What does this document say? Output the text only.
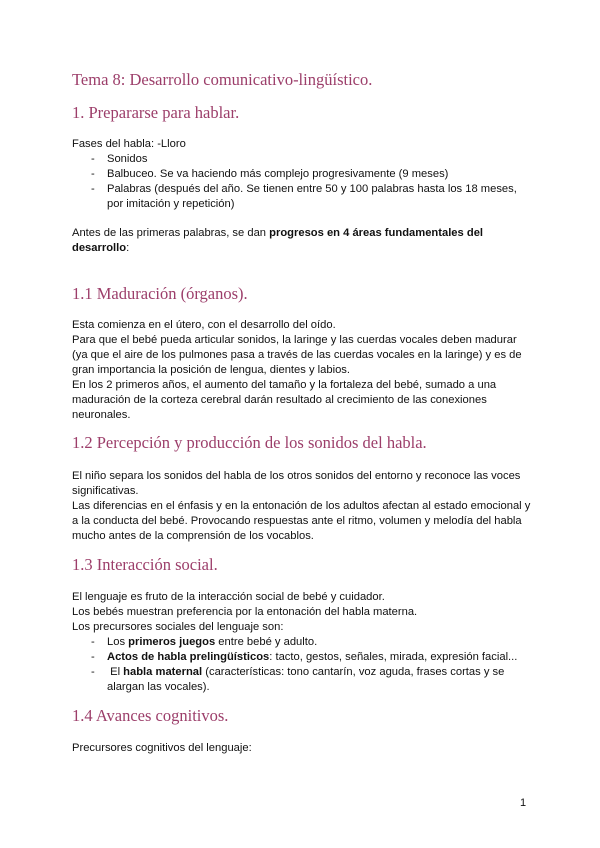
Tema 8: Desarrollo comunicativo-lingüístico.
1. Prepararse para hablar.
Fases del habla: -Lloro
- Sonidos
- Balbuceo. Se va haciendo más complejo progresivamente (9 meses)
- Palabras (después del año. Se tienen entre 50 y 100 palabras hasta los 18 meses,
por imitación y repetición)
Antes de las primeras palabras, se dan progresos en 4 áreas fundamentales del
desarrollo:
1.1 Maduración (órganos).
Esta comienza en el útero, con el desarrollo del oído.
Para que el bebé pueda articular sonidos, la laringe y las cuerdas vocales deben madurar
(ya que el aire de los pulmones pasa a través de las cuerdas vocales en la laringe) y es de
gran importancia la posición de lengua, dientes y labios.
En los 2 primeros años, el aumento del tamaño y la fortaleza del bebé, sumado a una
maduración de la corteza cerebral darán resultado al crecimiento de las conexiones
neuronales.
1.2 Percepción y producción de los sonidos del habla.
El niño separa los sonidos del habla de los otros sonidos del entorno y reconoce las voces
significativas.
Las diferencias en el énfasis y en la entonación de los adultos afectan al estado emocional y
a la conducta del bebé. Provocando respuestas ante el ritmo, volumen y melodía del habla
mucho antes de la comprensión de los vocablos.
1.3 Interacción social.
El lenguaje es fruto de la interacción social de bebé y cuidador.
Los bebés muestran preferencia por la entonación del habla materna.
Los precursores sociales del lenguaje son:
- Los primeros juegos entre bebé y adulto.
- Actos de habla prelingüísticos: tacto, gestos, señales, mirada, expresión facial...
- El habla maternal (características: tono cantarín, voz aguda, frases cortas y se
alargan las vocales).
1.4 Avances cognitivos.
Precursores cognitivos del lenguaje:
1
